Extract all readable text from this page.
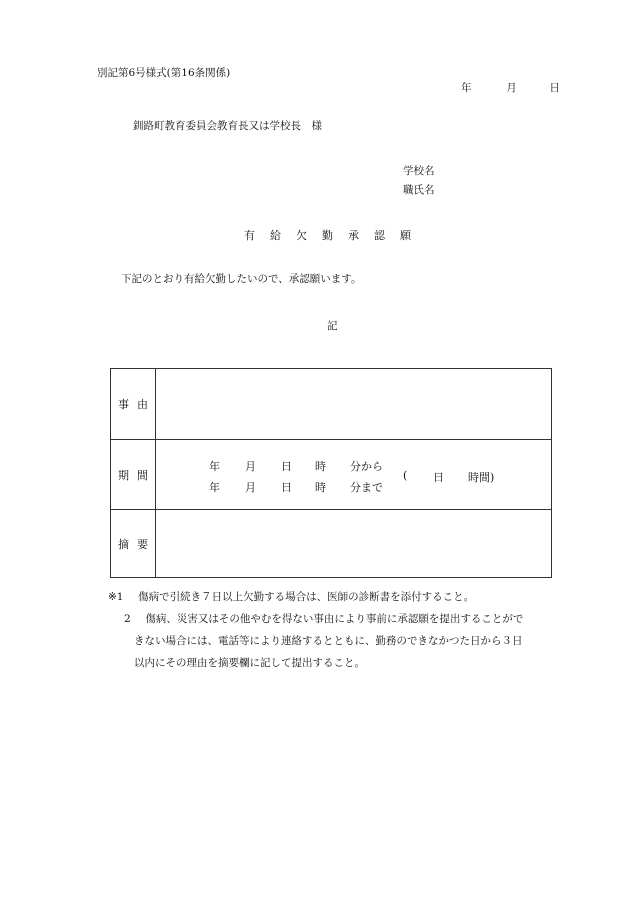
別記第6号様式(第16条関係)
年	月	日
釧路町教育委員会教育長又は学校長　様
学校名
職氏名
有 給 欠 勤 承 認 願
下記のとおり有給欠勤したいので、承認願います。
記
事 由
期 間
年 月 日 時 分から
年 月 日 時 分まで
( 日 時間)
摘 要
※1 傷病で引続き７日以上欠勤する場合は、医師の診断書を添付すること。
2 傷病、災害又はその他やむを得ない事由により事前に承認願を提出することがで
きない場合には、電話等により連絡するとともに、勤務のできなかつた日から３日
以内にその理由を摘要欄に記して提出すること。
